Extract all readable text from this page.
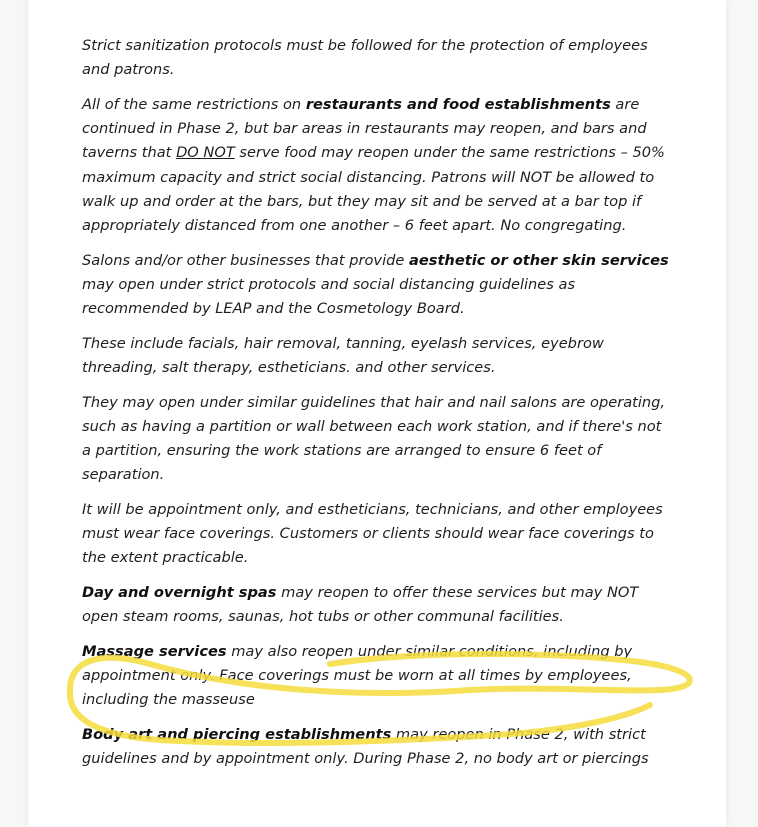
Strict sanitization protocols must be followed for the protection of employees and patrons.

All of the same restrictions on restaurants and food establishments are continued in Phase 2, but bar areas in restaurants may reopen, and bars and taverns that DO NOT serve food may reopen under the same restrictions – 50% maximum capacity and strict social distancing. Patrons will NOT be allowed to walk up and order at the bars, but they may sit and be served at a bar top if appropriately distanced from one another – 6 feet apart. No congregating.

Salons and/or other businesses that provide aesthetic or other skin services may open under strict protocols and social distancing guidelines as recommended by LEAP and the Cosmetology Board.

These include facials, hair removal, tanning, eyelash services, eyebrow threading, salt therapy, estheticians. and other services.

They may open under similar guidelines that hair and nail salons are operating, such as having a partition or wall between each work station, and if there's not a partition, ensuring the work stations are arranged to ensure 6 feet of separation.

It will be appointment only, and estheticians, technicians, and other employees must wear face coverings. Customers or clients should wear face coverings to the extent practicable.

Day and overnight spas may reopen to offer these services but may NOT open steam rooms, saunas, hot tubs or other communal facilities.

Massage services may also reopen under similar conditions, including by appointment only. Face coverings must be worn at all times by employees, including the masseuse

Body art and piercing establishments may reopen in Phase 2, with strict guidelines and by appointment only. During Phase 2, no body art or piercings
